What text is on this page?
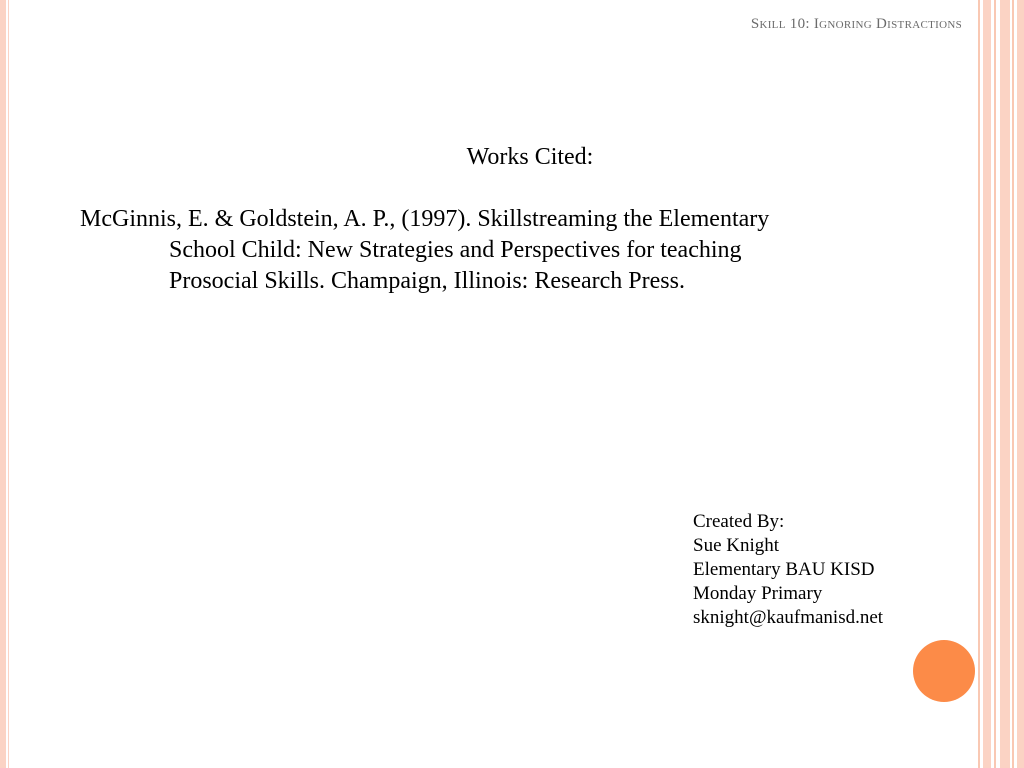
Skill 10: Ignoring Distractions
Works Cited:
McGinnis, E. & Goldstein, A. P., (1997). Skillstreaming the Elementary
School Child: New Strategies and Perspectives for teaching
Prosocial Skills. Champaign, Illinois: Research Press.
Created By:
Sue Knight
Elementary BAU KISD
Monday Primary
sknight@kaufmanisd.net
